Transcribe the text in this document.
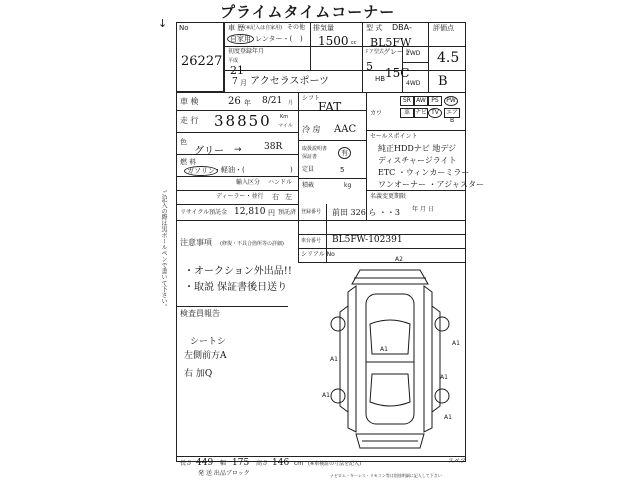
プライムタイムコーナー
No
26227
車 歴 (※記入は自家用) その他
自家用 レンター・( )
排気量
1500 cc
型 式 DBA-
BL5FW
評価点
4.5
初度登録年月
平成
21
7 月 アクセラスポーツ
ドア型式
5
HB
グレード
15C
2WD
4WD B
車 検	26 年 8/21 月
走 行 38850 Km
マイル
色
グリー → 38R
燃 料
ガソリン ・軽油・(	)
輸入区分 ハンドル
ディーラー・並行 右 左
リサイクル預託金 12,810 円 預託済
シフト
FAT
冷 房 AAC
取扱説明書
保証書	有
定員	5
積載	kg
SR AW PS	PW
カワ	革 ナビ TV	エアB
セールスポイント
純正HDDナビ 地デジ
ディスチャージライト
ETC ・ウィンカーミラー
ワンオーナー ・アジャスター
名義変更期限
年 月 日
登録番号 前田 326 ら ・・3
車台番号 BL5FW-102391
シリアル No
注意事項 (修復・不具合箇所等の詳細)
・オークション外出品!!
・取説 保証書後日送り
検査員報告
シートシ
左側前方A
右 加Q
A2
A1
A1
A1
A1
A1
A1
ご記入の際は黒ボールペンで書いて下さい。
↓
長さ 449 幅 175 高さ 146 cm (※車検証の寸法を記入)	スペア
発 送 出品ブロック	ナビロム・キーレス・リモコン等は別途明細に記入して下さい
